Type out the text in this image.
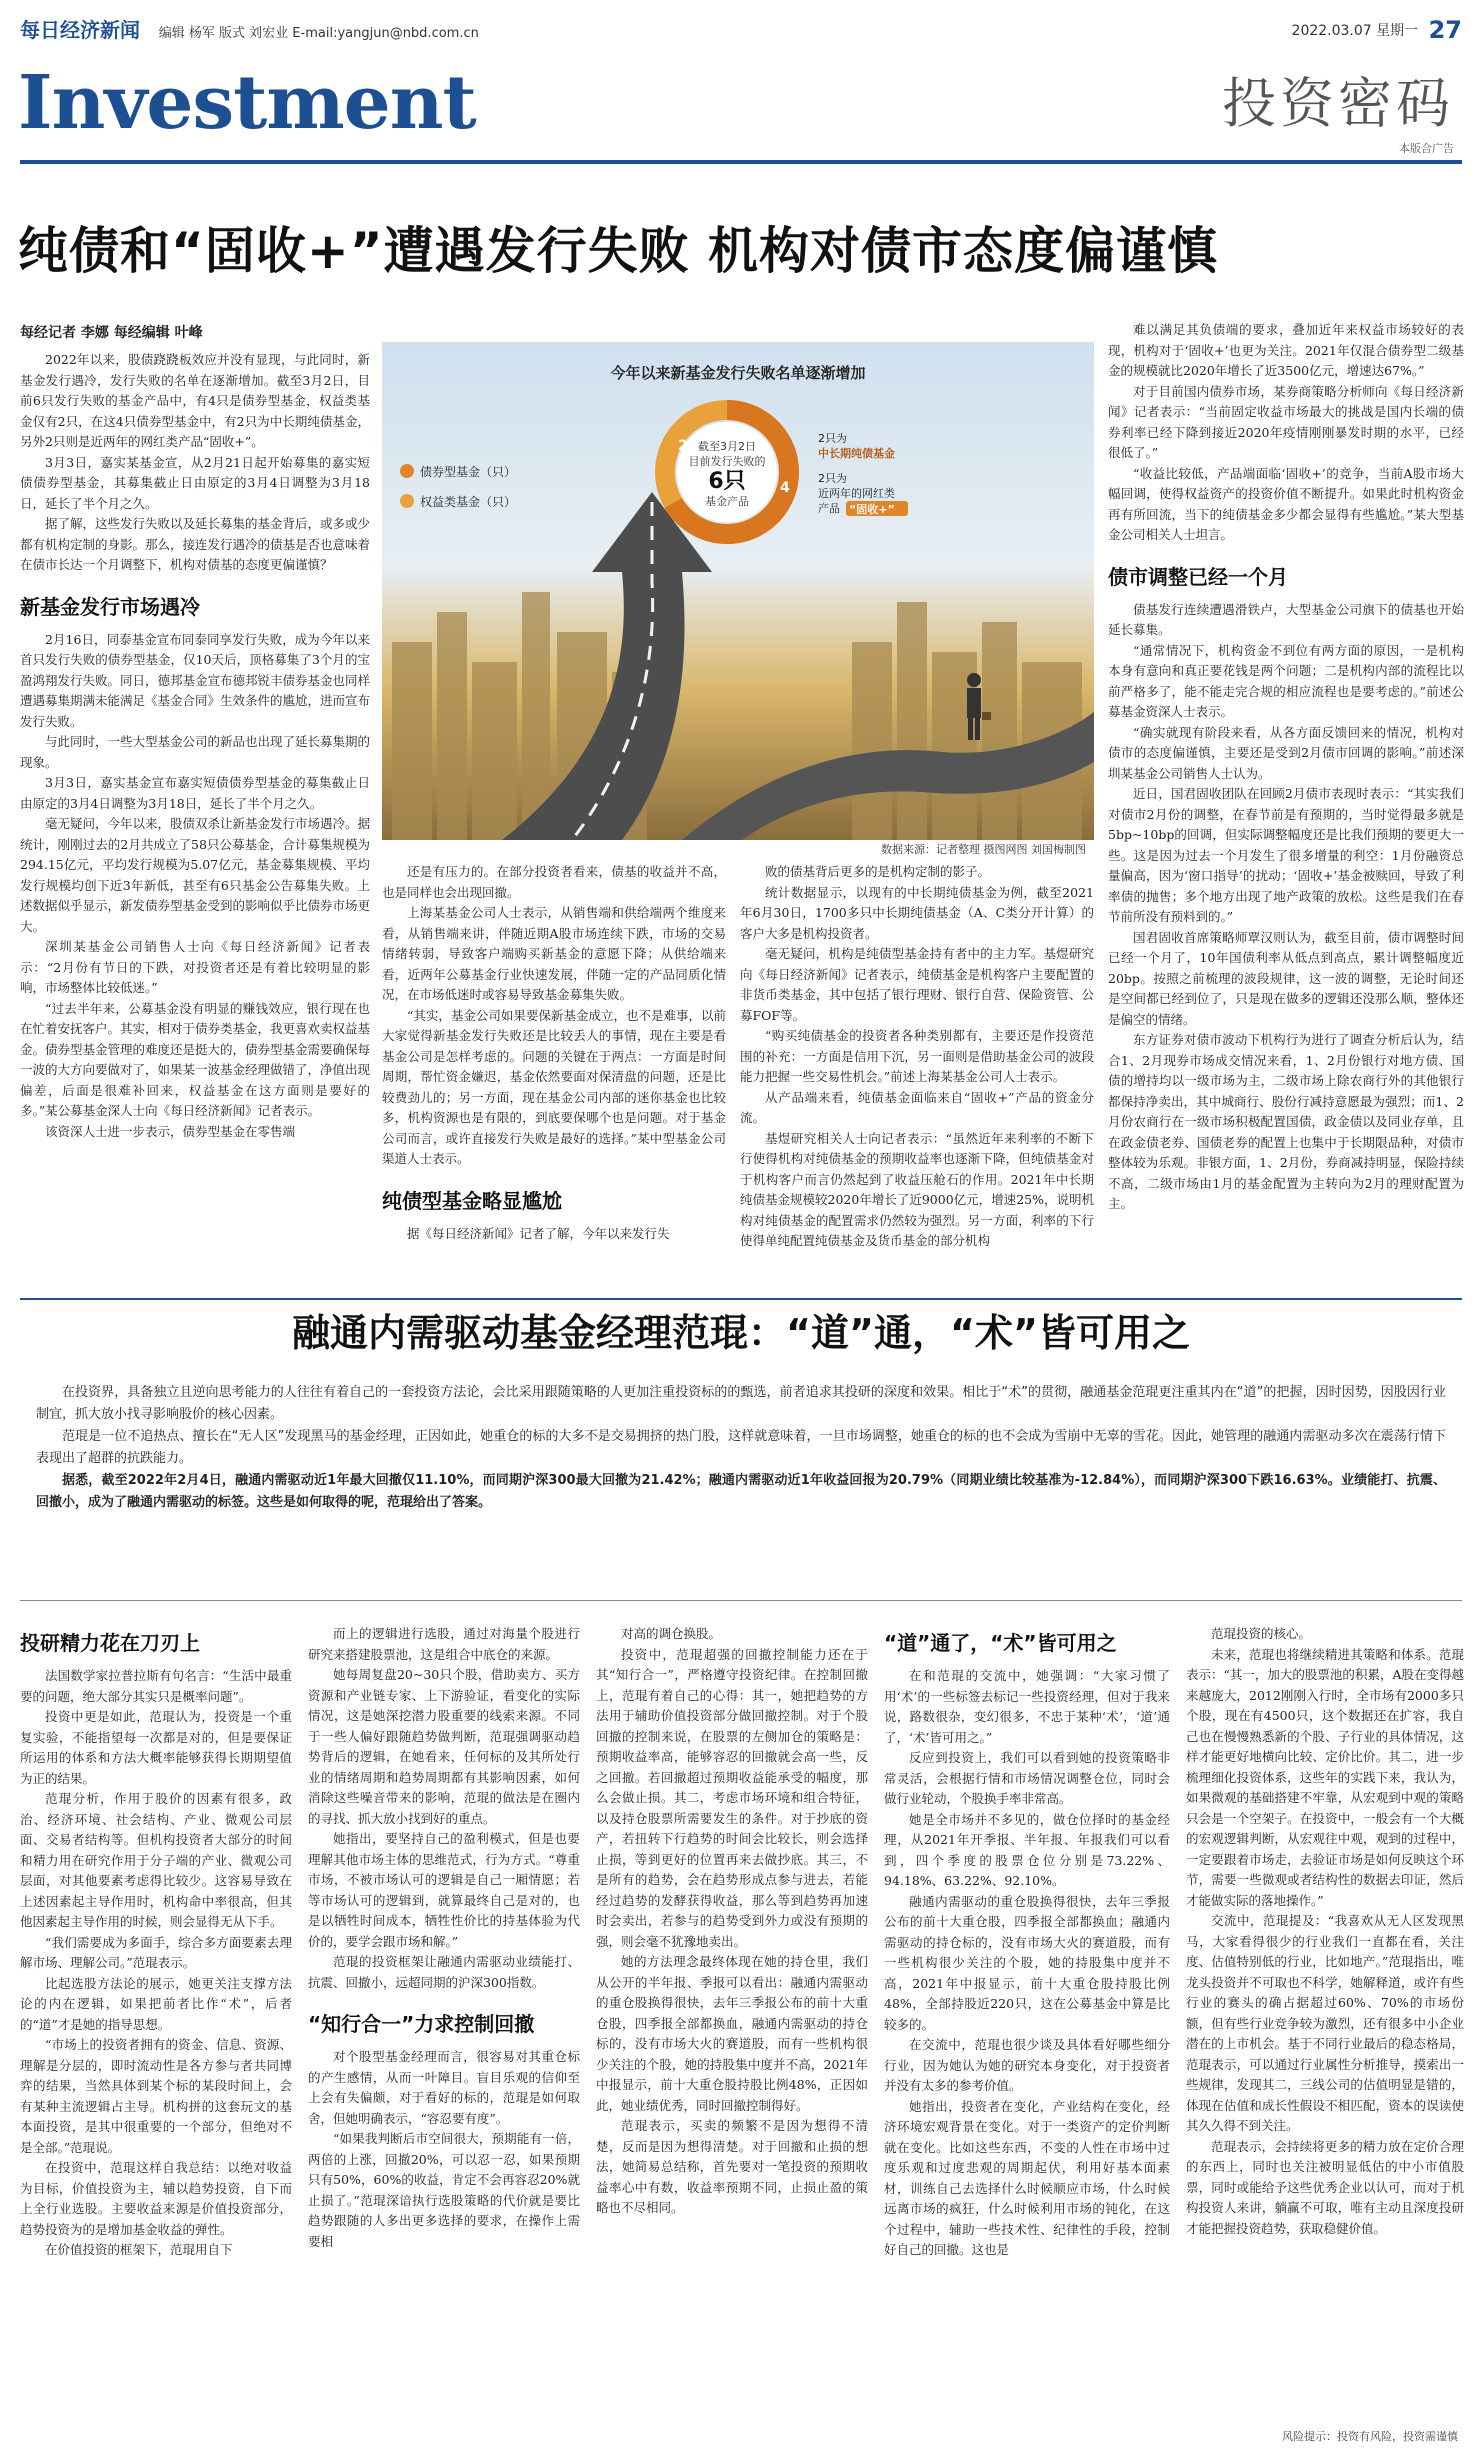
每日经济新闻 编辑 杨军 版式 刘宏业 E-mail:yangjun@nbd.com.cn	2022.03.07 星期一 27
Investment	投资密码
本版合广告
纯债和“固收+”遭遇发行失败 机构对债市态度偏谨慎
每经记者 李娜 每经编辑 叶峰

2022年以来，股债跷跷板效应并没有显现，与此同时，新基金发行遇冷，发行失败的名单在逐渐增加。截至3月2日，目前6只发行失败的基金产品中，有4只是债券型基金，权益类基金仅有2只，在这4只债券型基金中，有2只为中长期纯债基金，另外2只则是近两年的网红类产品“固收+”。

3月3日，嘉实某基金宣，从2月21日起开始募集的嘉实短债债券型基金，其募集截止日由原定的3月4日调整为3月18日，延长了半个月之久。

据了解，这些发行失败以及延长募集的基金背后，或多或少都有机构定制的身影。那么，接连发行遇冷的债基是否也意味着在债市长达一个月调整下，机构对债基的态度更偏谨慎？

新基金发行市场遇冷

2月16日，同泰基金宣布同泰同享发行失败，成为今年以来首只发行失败的债券型基金，仅10天后，顶格募集了3个月的宝盈鸿翔发行失败。同日，德邦基金宣布德邦锐丰债券基金也同样遭遇募集期满未能满足《基金合同》生效条件的尴尬，进而宣布发行失败。

与此同时，一些大型基金公司的新品也出现了延长募集期的现象。

3月3日，嘉实基金宣布嘉实短债债券型基金的募集截止日由原定的3月4日调整为3月18日，延长了半个月之久。

毫无疑问，今年以来，股债双杀让新基金发行市场遇冷。据统计，刚刚过去的2月共成立了58只公募基金，合计募集规模为294.15亿元，平均发行规模为5.07亿元，基金募集规模、平均发行规模均创下近3年新低，甚至有6只基金公告募集失败。上述数据似乎显示，新发债券型基金受到的影响似乎比债券市场更大。

深圳某基金公司销售人士向《每日经济新闻》记者表示：“2月份有节日的下跌，对投资者还是有着比较明显的影响，市场整体比较低迷。”

“过去半年来，公募基金没有明显的赚钱效应，银行现在也在忙着安抚客户。其实，相对于债券类基金，我更喜欢卖权益基金。债券型基金管理的难度还是挺大的，债券型基金需要确保每一波的大方向要做对了，如果某一波基金经理做错了，净值出现偏差，后面是很难补回来，权益基金在这方面则是要好的多。”某公募基金深人士向《每日经济新闻》记者表示。

该资深人士进一步表示，债券型基金在零售端

债券型基金（只）
权益类基金（只）
截至3月2日
目前发行失败的
6只
基金产品
2
4
2只为
中长期纯债基金
2只为
近两年的网红类
产品 “固收+”
今年以来新基金发行失败名单逐渐增加
数据来源：记者整理 摄图网图 刘国梅制图

还是有压力的。在部分投资者看来，债基的收益并不高，也是同样也会出现回撤。

上海某基金公司人士表示，从销售端和供给端两个维度来看，从销售端来讲，伴随近期A股市场连续下跌，市场的交易情绪转弱，导致客户端购买新基金的意愿下降；从供给端来看，近两年公募基金行业快速发展，伴随一定的产品同质化情况，在市场低迷时或容易导致基金募集失败。

“其实，基金公司如果要保新基金成立，也不是难事，以前大家觉得新基金发行失败还是比较丢人的事情，现在主要是看基金公司是怎样考虑的。问题的关键在于两点：一方面是时间周期，帮忙资金嫌迟，基金依然要面对保清盘的问题，还是比较费劲儿的；另一方面，现在基金公司内部的迷你基金也比较多，机构资源也是有限的，到底要保哪个也是问题。对于基金公司而言，或许直接发行失败是最好的选择。”某中型基金公司渠道人士表示。

纯债型基金略显尴尬

据《每日经济新闻》记者了解，今年以来发行失

败的债基背后更多的是机构定制的影子。

统计数据显示，以现有的中长期纯债基金为例，截至2021年6月30日，1700多只中长期纯债基金（A、C类分开计算）的客户大多是机构投资者。

毫无疑问，机构是纯债型基金持有者中的主力军。基煜研究向《每日经济新闻》记者表示，纯债基金是机构客户主要配置的非货币类基金，其中包括了银行理财、银行自营、保险资管、公募FOF等。

“购买纯债基金的投资者各种类别都有，主要还是作投资范围的补充：一方面是信用下沉，另一面则是借助基金公司的波段能力把握一些交易性机会。”前述上海某基金公司人士表示。

从产品端来看，纯债基金面临来自“固收+”产品的资金分流。

基煜研究相关人士向记者表示：“虽然近年来利率的不断下行使得机构对纯债基金的预期收益率也逐渐下降，但纯债基金对于机构客户而言仍然起到了收益压舱石的作用。2021年中长期纯债基金规模较2020年增长了近9000亿元，增速25%，说明机构对纯债基金的配置需求仍然较为强烈。另一方面，利率的下行使得单纯配置纯债基金及货币基金的部分机构

难以满足其负债端的要求，叠加近年来权益市场较好的表现，机构对于‘固收+’也更为关注。2021年仅混合债券型二级基金的规模就比2020年增长了近3500亿元，增速达67%。”

对于目前国内债券市场，某券商策略分析师向《每日经济新闻》记者表示：“当前固定收益市场最大的挑战是国内长端的债券利率已经下降到接近2020年疫情刚刚暴发时期的水平，已经很低了。”

“收益比较低，产品端面临‘固收+’的竞争，当前A股市场大幅回调，使得权益资产的投资价值不断提升。如果此时机构资金再有所回流，当下的纯债基金多少都会显得有些尴尬。”某大型基金公司相关人士坦言。

债市调整已经一个月

债基发行连续遭遇滑铁卢，大型基金公司旗下的债基也开始延长募集。

“通常情况下，机构资金不到位有两方面的原因，一是机构本身有意向和真正要花钱是两个问题；二是机构内部的流程比以前严格多了，能不能走完合规的相应流程也是要考虑的。”前述公募基金资深人士表示。

“确实就现有阶段来看，从各方面反馈回来的情况，机构对债市的态度偏谨慎，主要还是受到2月债市回调的影响。”前述深圳某基金公司销售人士认为。

近日，国君固收团队在回顾2月债市表现时表示：“其实我们对债市2月份的调整，在春节前是有预期的，当时觉得最多就是5bp~10bp的回调，但实际调整幅度还是比我们预期的要更大一些。这是因为过去一个月发生了很多增量的利空：1月份融资总量偏高，因为‘窗口指导’的扰动；‘固收+’基金被赎回，导致了利率债的抛售；多个地方出现了地产政策的放松。这些是我们在春节前所没有预料到的。”

国君固收首席策略师覃汉则认为，截至目前，债市调整时间已经一个月了，10年国债利率从低点到高点，累计调整幅度近20bp。按照之前梳理的波段规律，这一波的调整，无论时间还是空间都已经到位了，只是现在做多的逻辑还没那么顺，整体还是偏空的情绪。

东方证券对债市波动下机构行为进行了调查分析后认为，结合1、2月现券市场成交情况来看，1、2月份银行对地方债、国债的增持均以一级市场为主，二级市场上除农商行外的其他银行都保持净卖出，其中城商行、股份行减持意愿最为强烈；而1、2月份农商行在一级市场积极配置国债，政金债以及同业存单，且在政金债老券、国债老券的配置上也集中于长期限品种，对债市整体较为乐观。非银方面，1、2月份，券商减持明显，保险持续不高，二级市场由1月的基金配置为主转向为2月的理财配置为主。

融通内需驱动基金经理范琨：“道”通，“术”皆可用之

在投资界，具备独立且逆向思考能力的人往往有着自己的一套投资方法论，会比采用跟随策略的人更加注重投资标的的甄选，前者追求其投研的深度和效果。相比于“术”的贯彻，融通基金范琨更注重其内在“道”的把握，因时因势，因股因行业制宜，抓大放小找寻影响股价的核心因素。

范琨是一位不追热点、擅长在“无人区”发现黑马的基金经理，正因如此，她重仓的标的大多不是交易拥挤的热门股，这样就意味着，一旦市场调整，她重仓的标的也不会成为雪崩中无辜的雪花。因此，她管理的融通内需驱动多次在震荡行情下表现出了超群的抗跌能力。

据悉，截至2022年2月4日，融通内需驱动近1年最大回撤仅11.10%，而同期沪深300最大回撤为21.42%；融通内需驱动近1年收益回报为20.79%（同期业绩比较基准为-12.84%），而同期沪深300下跌16.63%。业绩能打、抗震、回撤小，成为了融通内需驱动的标签。这些是如何取得的呢，范琨给出了答案。

投研精力花在刀刃上

法国数学家拉普拉斯有句名言：“生活中最重要的问题，绝大部分其实只是概率问题”。

投资中更是如此，范琨认为，投资是一个重复实验，不能指望每一次都是对的，但是要保证所运用的体系和方法大概率能够获得长期期望值为正的结果。

范琨分析，作用于股价的因素有很多，政治、经济环境、社会结构、产业、微观公司层面、交易者结构等。但机构投资者大部分的时间和精力用在研究作用于分子端的产业、微观公司层面，对其他要素考虑得比较少。这容易导致在上述因素起主导作用时，机构命中率很高，但其他因素起主导作用的时候，则会显得无从下手。

“我们需要成为多面手，综合多方面要素去理解市场、理解公司。”范琨表示。

比起选股方法论的展示，她更关注支撑方法论的内在逻辑，如果把前者比作“术”，后者的“道”才是她的指导思想。

“市场上的投资者拥有的资金、信息、资源、理解是分层的，即时流动性是各方参与者共同博弈的结果，当然具体到某个标的某段时间上，会有某种主流逻辑占主导。机构拼的这套玩文的基本面投资，是其中很重要的一个部分，但绝对不是全部。”范琨说。

在投资中，范琨这样自我总结：以绝对收益为目标，价值投资为主，辅以趋势投资，自下而上全行业选股。主要收益来源是价值投资部分，趋势投资为的是增加基金收益的弹性。

在价值投资的框架下，范琨用自下

而上的逻辑进行选股，通过对海量个股进行研究来搭建股票池，这是组合中底仓的来源。

她每周复盘20~30只个股，借助卖方、买方资源和产业链专家、上下游验证，看变化的实际情况，这是她深挖潜力股重要的线索来源。不同于一些人偏好跟随趋势做判断，范琨强调驱动趋势背后的逻辑，在她看来，任何标的及其所处行业的情绪周期和趋势周期都有其影响因素，如何消除这些噪音带来的影响，范琨的做法是在圈内的寻找、抓大放小找到好的重点。

她指出，要坚持自己的盈利模式，但是也要理解其他市场主体的思维范式，行为方式。“尊重市场，不被市场认可的逻辑是自己一厢情愿；若等市场认可的逻辑到，就算最终自己是对的，也是以牺牲时间成本，牺牲性价比的持基体验为代价的，要学会跟市场和解。”

范琨的投资框架让融通内需驱动业绩能打、抗震、回撤小，远超同期的沪深300指数。

“知行合一”力求控制回撤

对个股型基金经理而言，很容易对其重仓标的产生感情，从而一叶障目。盲目乐观的信仰至上会有失偏颇，对于看好的标的，范琨是如何取舍，但她明确表示，“容忍要有度”。

“如果我判断后市空间很大，预期能有一倍，两倍的上涨，回撤20%，可以忍一忍，如果预期只有50%，60%的收益，肯定不会再容忍20%就止损了。”范琨深谙执行选股策略的代价就是要比趋势跟随的人多出更多选择的要求，在操作上需要相

对高的调仓换股。

投资中，范琨超强的回撤控制能力还在于其“知行合一”，严格遵守投资纪律。在控制回撤上，范琨有着自己的心得：其一，她把趋势的方法用于辅助价值投资部分做回撤控制。对于个股回撤的控制来说，在股票的左侧加仓的策略是：预期收益率高，能够容忍的回撤就会高一些，反之回撤。若回撤超过预期收益能承受的幅度，那么会做止损。其二，考虑市场环境和组合特征，以及持仓股票所需要发生的条件。对于抄底的资产，若扭转下行趋势的时间会比较长，则会选择止损，等到更好的位置再来去做抄底。其三，不是所有的趋势，会在趋势形成点参与进去，若能经过趋势的发酵获得收益，那么等到趋势再加速时会卖出，若参与的趋势受到外力或没有预期的强，则会毫不犹豫地卖出。

她的方法理念最终体现在她的持仓里，我们从公开的半年报、季报可以看出：融通内需驱动的重仓股换得很快，去年三季报公布的前十大重仓股，四季报全部都换血，融通内需驱动的持仓标的，没有市场大火的赛道股，而有一些机构很少关注的个股，她的持股集中度并不高，2021年中报显示，前十大重仓股持股比例48%，正因如此，她业绩优秀，同时回撤控制得好。

范琨表示，买卖的频繁不是因为想得不清楚，反而是因为想得清楚。对于回撤和止损的想法，她简易总结称，首先要对一笔投资的预期收益率心中有数，收益率预期不同，止损止盈的策略也不尽相同。

“道”通了，“术”皆可用之

在和范琨的交流中，她强调：“大家习惯了用‘术’的一些标签去标记一些投资经理，但对于我来说，路数很杂，变幻很多，不忠于某种‘术’，‘道’通了，‘术’皆可用之。”

反应到投资上，我们可以看到她的投资策略非常灵活，会根据行情和市场情况调整仓位，同时会做行业轮动，个股换手率非常高。

她是全市场并不多见的，做仓位择时的基金经理，从2021年开季报、半年报、年报我们可以看到，四个季度的股票仓位分别是73.22%、94.18%、63.22%、92.10%。

融通内需驱动的重仓股换得很快，去年三季报公布的前十大重仓股，四季报全部都换血；融通内需驱动的持仓标的，没有市场大火的赛道股，而有一些机构很少关注的个股，她的持股集中度并不高，2021年中报显示，前十大重仓股持股比例48%，全部持股近220只，这在公募基金中算是比较多的。

在交流中，范琨也很少谈及具体看好哪些细分行业，因为她认为她的研究本身变化，对于投资者并没有太多的参考价值。

她指出，投资者在变化，产业结构在变化，经济环境宏观背景在变化。对于一类资产的定价判断就在变化。比如这些东西，不变的人性在市场中过度乐观和过度悲观的周期起伏，利用好基本面素材，训练自己去选择什么时候顺应市场，什么时候远离市场的疯狂，什么时候利用市场的钝化，在这个过程中，辅助一些技术性、纪律性的手段，控制好自己的回撤。这也是

范琨投资的核心。

未来，范琨也将继续精进其策略和体系。范琨表示：“其一，加大的股票池的积累，A股在变得越来越庞大，2012刚刚入行时，全市场有2000多只个股，现在有4500只，这个数据还在扩容，我自己也在慢慢熟悉新的个股、子行业的具体情况，这样才能更好地横向比较、定价比价。其二，进一步梳理细化投资体系，这些年的实践下来，我认为，如果微观的基础搭建不牢靠，从宏观到中观的策略只会是一个空架子。在投资中，一般会有一个大概的宏观逻辑判断，从宏观往中观，观到的过程中，一定要跟着市场走，去验证市场是如何反映这个环节，需要一些微观或者结构性的数据去印证，然后才能做实际的落地操作。”

交流中，范琨提及：“我喜欢从无人区发现黑马，大家看得很少的行业我们一直都在看，关注度、估值特别低的行业，比如地产。”范琨指出，唯龙头投资并不可取也不科学，她解释道，或许有些行业的赛头的确占据超过60%、70%的市场份额，但有些行业竞争较为激烈，还有很多中小企业潜在的上市机会。基于不同行业最后的稳态格局，范琨表示，可以通过行业属性分析推导，摸索出一些规律，发现其二，三线公司的估值明显是错的，体现在估值和成长性假设不相匹配，资本的误读使其久久得不到关注。

范琨表示，会持续将更多的精力放在定价合理的东西上，同时也关注被明显低估的中小市值股票，同时或能给予这些优秀企业以认可，而对于机构投资人来讲，躺赢不可取，唯有主动且深度投研才能把握投资趋势，获取稳健价值。

风险提示：投资有风险，投资需谨慎
